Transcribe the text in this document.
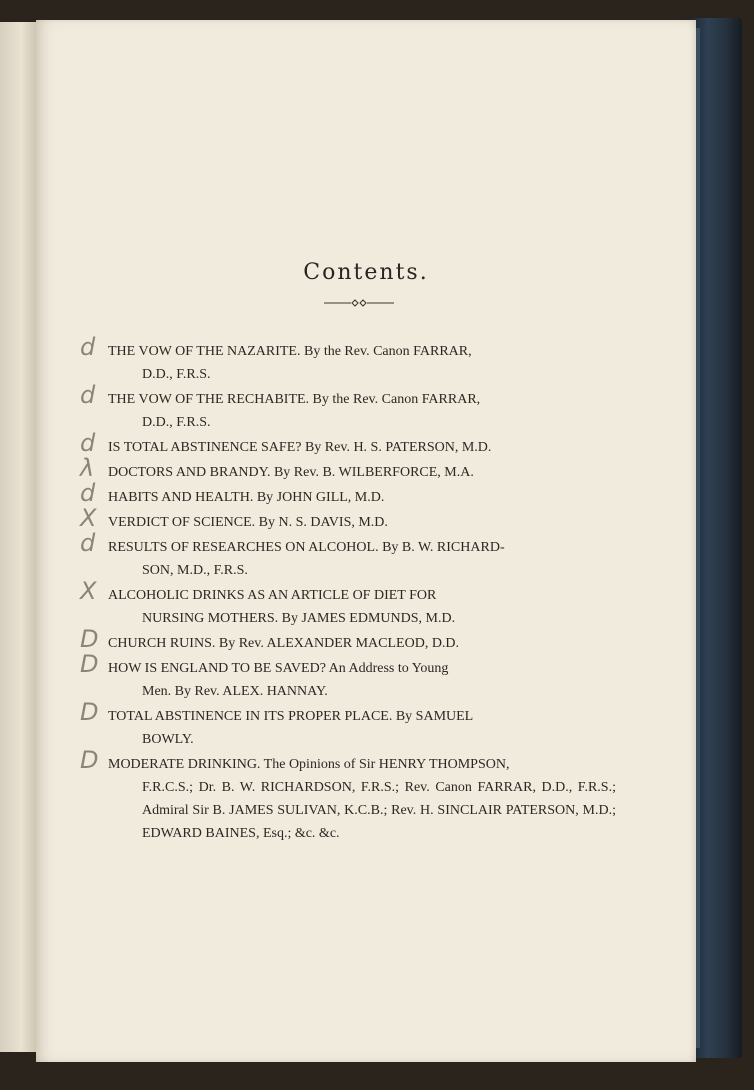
Contents.
d THE VOW OF THE NAZARITE. By the Rev. Canon FARRAR,
D.D., F.R.S.
d THE VOW OF THE RECHABITE. By the Rev. Canon FARRAR,
D.D., F.R.S.
d IS TOTAL ABSTINENCE SAFE? By Rev. H. S. PATERSON, M.D.
λ DOCTORS AND BRANDY. By Rev. B. WILBERFORCE, M.A.
d HABITS AND HEALTH. By JOHN GILL, M.D.
X VERDICT OF SCIENCE. By N. S. DAVIS, M.D.
d RESULTS OF RESEARCHES ON ALCOHOL. By B. W. RICHARD-
SON, M.D., F.R.S.
X ALCOHOLIC DRINKS AS AN ARTICLE OF DIET FOR
NURSING MOTHERS. By JAMES EDMUNDS, M.D.
D CHURCH RUINS. By Rev. ALEXANDER MACLEOD, D.D.
D HOW IS ENGLAND TO BE SAVED? An Address to Young
Men. By Rev. ALEX. HANNAY.
D TOTAL ABSTINENCE IN ITS PROPER PLACE. By SAMUEL
BOWLY.
D MODERATE DRINKING. The Opinions of Sir HENRY THOMPSON,
F.R.C.S.; Dr. B. W. RICHARDSON, F.R.S.; Rev. Canon FARRAR, D.D., F.R.S.; Admiral Sir B. JAMES SULIVAN, K.C.B.; Rev. H. SINCLAIR PATERSON, M.D.; EDWARD BAINES, Esq.; &c. &c.
